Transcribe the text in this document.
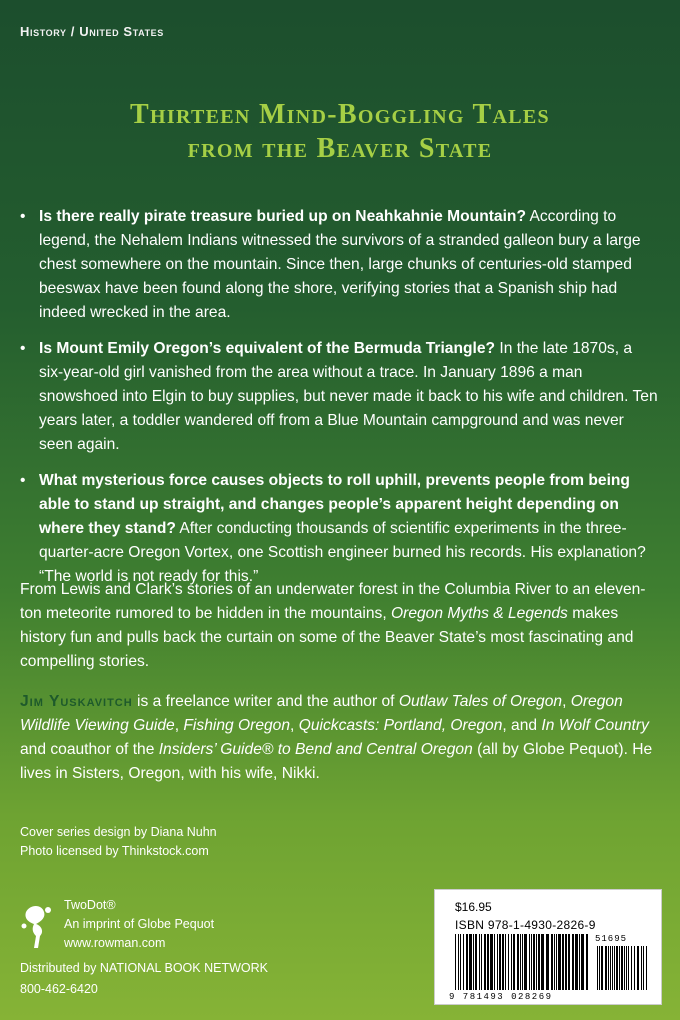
History / United States
Thirteen Mind-Boggling Tales
from the Beaver State
• Is there really pirate treasure buried up on Neahkahnie Mountain? According to legend, the Nehalem Indians witnessed the survivors of a stranded galleon bury a large chest somewhere on the mountain. Since then, large chunks of centuries-old stamped beeswax have been found along the shore, verifying stories that a Spanish ship had indeed wrecked in the area.
• Is Mount Emily Oregon’s equivalent of the Bermuda Triangle? In the late 1870s, a six-year-old girl vanished from the area without a trace. In January 1896 a man snowshoed into Elgin to buy supplies, but never made it back to his wife and children. Ten years later, a toddler wandered off from a Blue Mountain campground and was never seen again.
• What mysterious force causes objects to roll uphill, prevents people from being able to stand up straight, and changes people’s apparent height depending on where they stand? After conducting thousands of scientific experiments in the three-quarter-acre Oregon Vortex, one Scottish engineer burned his records. His explanation? “The world is not ready for this.”

From Lewis and Clark’s stories of an underwater forest in the Columbia River to an eleven-ton meteorite rumored to be hidden in the mountains, Oregon Myths & Legends makes history fun and pulls back the curtain on some of the Beaver State’s most fascinating and compelling stories.

Jim Yuskavitch is a freelance writer and the author of Outlaw Tales of Oregon, Oregon Wildlife Viewing Guide, Fishing Oregon, Quickcasts: Portland, Oregon, and In Wolf Country and coauthor of the Insiders’ Guide® to Bend and Central Oregon (all by Globe Pequot). He lives in Sisters, Oregon, with his wife, Nikki.

Cover series design by Diana Nuhn
Photo licensed by Thinkstock.com
TwoDot®
An imprint of Globe Pequot
www.rowman.com
Distributed by NATIONAL BOOK NETWORK
800-462-6420
$16.95
ISBN 978-1-4930-2826-9
51695
9 781493 028269
